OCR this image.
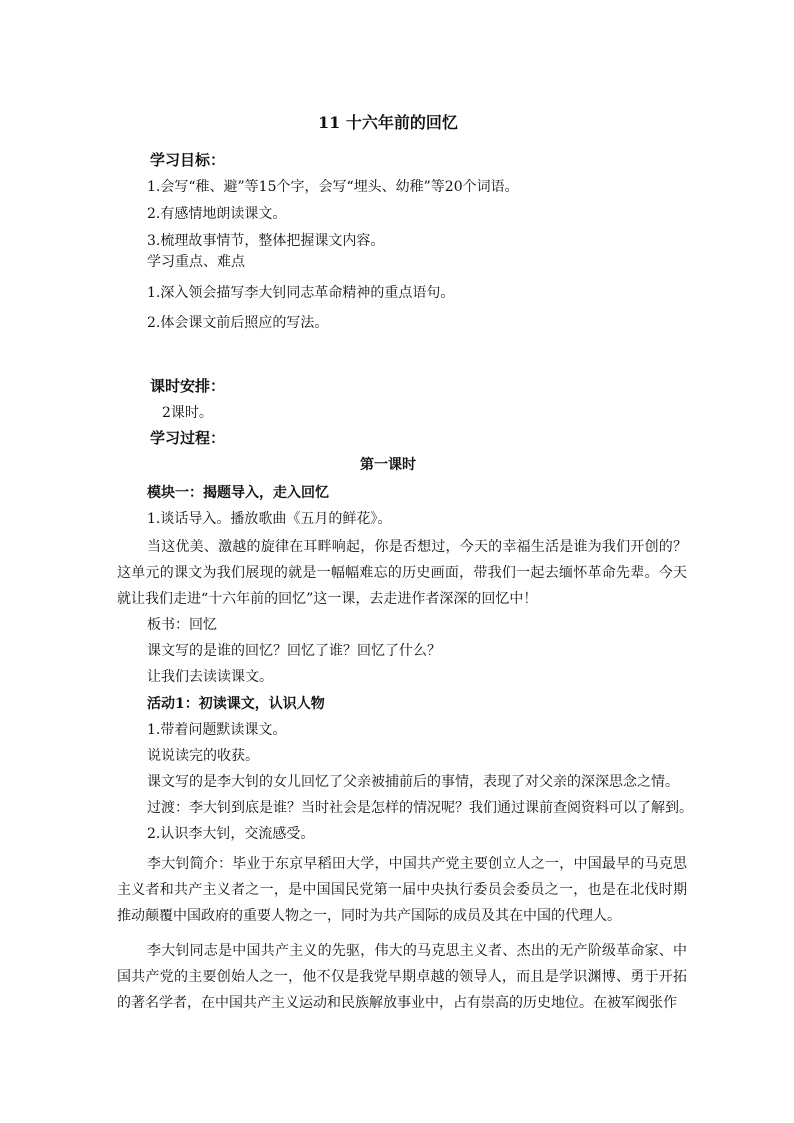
11 十六年前的回忆
学习目标：
1.会写“稚、避”等15个字，会写“埋头、幼稚”等20个词语。
2.有感情地朗读课文。
3.梳理故事情节，整体把握课文内容。
学习重点、难点
1.深入领会描写李大钊同志革命精神的重点语句。
2.体会课文前后照应的写法。
课时安排：
2课时。
学习过程：
第一课时
模块一：揭题导入，走入回忆
1.谈话导入。播放歌曲《五月的鲜花》。

当这优美、激越的旋律在耳畔响起，你是否想过，今天的幸福生活是谁为我们开创的？这单元的课文为我们展现的就是一幅幅难忘的历史画面，带我们一起去缅怀革命先辈。今天就让我们走进“十六年前的回忆”这一课，去走进作者深深的回忆中！

板书：回忆
课文写的是谁的回忆？回忆了谁？回忆了什么？
让我们去读读课文。
活动1：初读课文，认识人物
1.带着问题默读课文。
说说读完的收获。
课文写的是李大钊的女儿回忆了父亲被捕前后的事情，表现了对父亲的深深思念之情。
过渡：李大钊到底是谁？当时社会是怎样的情况呢？我们通过课前查阅资料可以了解到。
2.认识李大钊，交流感受。

李大钊简介：毕业于东京早稻田大学，中国共产党主要创立人之一，中国最早的马克思主义者和共产主义者之一，是中国国民党第一届中央执行委员会委员之一，也是在北伐时期推动颠覆中国政府的重要人物之一，同时为共产国际的成员及其在中国的代理人。

李大钊同志是中国共产主义的先驱，伟大的马克思主义者、杰出的无产阶级革命家、中国共产党的主要创始人之一，他不仅是我党早期卓越的领导人，而且是学识渊博、勇于开拓的著名学者，在中国共产主义运动和民族解放事业中，占有崇高的历史地位。在被军阀张作
